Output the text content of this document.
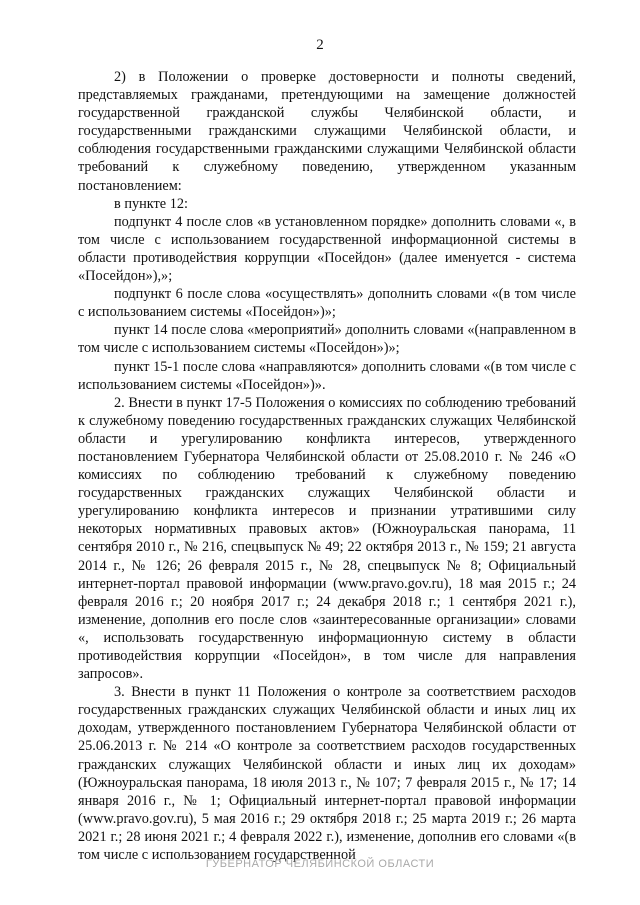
2

2) в Положении о проверке достоверности и полноты сведений, представляемых гражданами, претендующими на замещение должностей государственной гражданской службы Челябинской области, и государственными гражданскими служащими Челябинской области, и соблюдения государственными гражданскими служащими Челябинской области требований к служебному поведению, утвержденном указанным постановлением:

в пункте 12:

подпункт 4 после слов «в установленном порядке» дополнить словами «, в том числе с использованием государственной информационной системы в области противодействия коррупции «Посейдон» (далее именуется - система «Посейдон»),»;

подпункт 6 после слова «осуществлять» дополнить словами «(в том числе с использованием системы «Посейдон»)»;

пункт 14 после слова «мероприятий» дополнить словами «(направленном в том числе с использованием системы «Посейдон»)»;

пункт 15-1 после слова «направляются» дополнить словами «(в том числе с использованием системы «Посейдон»)».

2. Внести в пункт 17-5 Положения о комиссиях по соблюдению требований к служебному поведению государственных гражданских служащих Челябинской области и урегулированию конфликта интересов, утвержденного постановлением Губернатора Челябинской области от 25.08.2010 г. № 246 «О комиссиях по соблюдению требований к служебному поведению государственных гражданских служащих Челябинской области и урегулированию конфликта интересов и признании утратившими силу некоторых нормативных правовых актов» (Южноуральская панорама, 11 сентября 2010 г., № 216, спецвыпуск № 49; 22 октября 2013 г., № 159; 21 августа 2014 г., № 126; 26 февраля 2015 г., № 28, спецвыпуск № 8; Официальный интернет-портал правовой информации (www.pravo.gov.ru), 18 мая 2015 г.; 24 февраля 2016 г.; 20 ноября 2017 г.; 24 декабря 2018 г.; 1 сентября 2021 г.), изменение, дополнив его после слов «заинтересованные организации» словами «, использовать государственную информационную систему в области противодействия коррупции «Посейдон», в том числе для направления запросов».

3. Внести в пункт 11 Положения о контроле за соответствием расходов государственных гражданских служащих Челябинской области и иных лиц их доходам, утвержденного постановлением Губернатора Челябинской области от 25.06.2013 г. № 214 «О контроле за соответствием расходов государственных гражданских служащих Челябинской области и иных лиц их доходам» (Южноуральская панорама, 18 июля 2013 г., № 107; 7 февраля 2015 г., № 17; 14 января 2016 г., № 1; Официальный интернет-портал правовой информации (www.pravo.gov.ru), 5 мая 2016 г.; 29 октября 2018 г.; 25 марта 2019 г.; 26 марта 2021 г.; 28 июня 2021 г.; 4 февраля 2022 г.), изменение, дополнив его словами «(в том числе с использованием государственной

ГУБЕРНАТОР ЧЕЛЯБИНСКОЙ ОБЛАСТИ
